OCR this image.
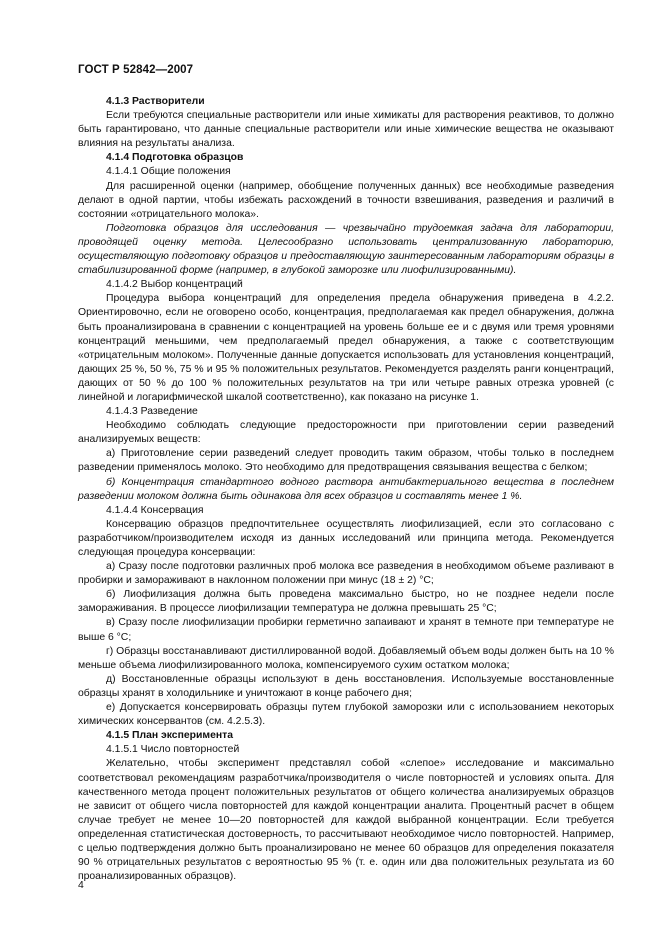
ГОСТ Р 52842—2007

4.1.3 Растворители

Если требуются специальные растворители или иные химикаты для растворения реактивов, то должно быть гарантировано, что данные специальные растворители или иные химические вещества не оказывают влияния на результаты анализа.

4.1.4 Подготовка образцов

4.1.4.1 Общие положения

Для расширенной оценки (например, обобщение полученных данных) все необходимые разведения делают в одной партии, чтобы избежать расхождений в точности взвешивания, разведения и различий в состоянии «отрицательного молока».

Подготовка образцов для исследования — чрезвычайно трудоемкая задача для лаборатории, проводящей оценку метода. Целесообразно использовать централизованную лабораторию, осуществляющую подготовку образцов и предоставляющую заинтересованным лабораториям образцы в стабилизированной форме (например, в глубокой заморозке или лиофилизированными).

4.1.4.2 Выбор концентраций

Процедура выбора концентраций для определения предела обнаружения приведена в 4.2.2. Ориентировочно, если не оговорено особо, концентрация, предполагаемая как предел обнаружения, должна быть проанализирована в сравнении с концентрацией на уровень больше ее и с двумя или тремя уровнями концентраций меньшими, чем предполагаемый предел обнаружения, а также с соответствующим «отрицательным молоком». Полученные данные допускается использовать для установления концентраций, дающих 25 %, 50 %, 75 % и 95 % положительных результатов. Рекомендуется разделять ранги концентраций, дающих от 50 % до 100 % положительных результатов на три или четыре равных отрезка уровней (с линейной и логарифмической шкалой соответственно), как показано на рисунке 1.

4.1.4.3 Разведение

Необходимо соблюдать следующие предосторожности при приготовлении серии разведений анализируемых веществ:

а) Приготовление серии разведений следует проводить таким образом, чтобы только в последнем разведении применялось молоко. Это необходимо для предотвращения связывания вещества с белком;

б) Концентрация стандартного водного раствора антибактериального вещества в последнем разведении молоком должна быть одинакова для всех образцов и составлять менее 1 %.

4.1.4.4 Консервация

Консервацию образцов предпочтительнее осуществлять лиофилизацией, если это согласовано с разработчиком/производителем исходя из данных исследований или принципа метода. Рекомендуется следующая процедура консервации:

а) Сразу после подготовки различных проб молока все разведения в необходимом объеме разливают в пробирки и замораживают в наклонном положении при минус (18 ± 2) °С;

б) Лиофилизация должна быть проведена максимально быстро, но не позднее недели после замораживания. В процессе лиофилизации температура не должна превышать 25 °С;

в) Сразу после лиофилизации пробирки герметично запаивают и хранят в темноте при температуре не выше 6 °С;

г) Образцы восстанавливают дистиллированной водой. Добавляемый объем воды должен быть на 10 % меньше объема лиофилизированного молока, компенсируемого сухим остатком молока;

д) Восстановленные образцы используют в день восстановления. Используемые восстановленные образцы хранят в холодильнике и уничтожают в конце рабочего дня;

е) Допускается консервировать образцы путем глубокой заморозки или с использованием некоторых химических консервантов (см. 4.2.5.3).

4.1.5 План эксперимента

4.1.5.1 Число повторностей

Желательно, чтобы эксперимент представлял собой «слепое» исследование и максимально соответствовал рекомендациям разработчика/производителя о числе повторностей и условиях опыта. Для качественного метода процент положительных результатов от общего количества анализируемых образцов не зависит от общего числа повторностей для каждой концентрации аналита. Процентный расчет в общем случае требует не менее 10—20 повторностей для каждой выбранной концентрации. Если требуется определенная статистическая достоверность, то рассчитывают необходимое число повторностей. Например, с целью подтверждения должно быть проанализировано не менее 60 образцов для определения показателя 90 % отрицательных результатов с вероятностью 95 % (т. е. один или два положительных результата из 60 проанализированных образцов).

4
